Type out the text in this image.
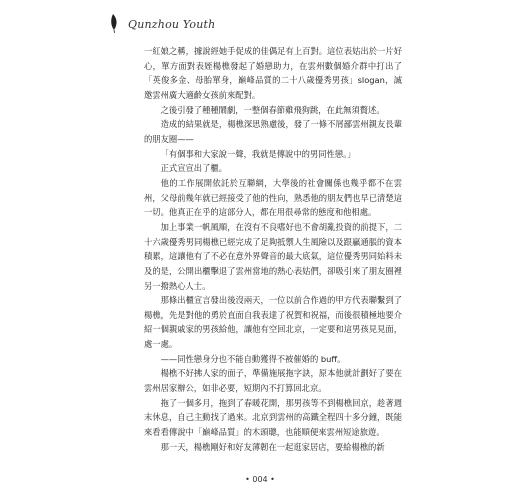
Qunzhou Youth

一紅娘之稱，據說經她手促成的佳偶足有上百對。這位表姑出於一片好心，單方面對表姪楊樵發起了婚戀助力，在雲州數個婚介群中打出了「英俊多金、母胎單身，巔峰品質的二十八歲優秀男孩」slogan，誠邀雲州廣大適齡女孩前來配對。

之後引發了種種鬧劇，一整個春節雞飛狗跳，在此無須贅述。

造成的結果就是，楊樵深思熟慮後，發了一條不屑鄙雲州親友長輩的朋友圈——

「有個事和大家說一聲，我就是傳說中的男同性戀。」

正式宣宣出了櫃。

他的工作展開依託於互聯網，大學後的社會關係也幾乎都不在雲州，父母前幾年就已經接受了他的性向，熟悉他的朋友們也早已清楚這一切。他真正在乎的這部分人，都在用很尋常的態度和他相處。

加上事業一帆風順，在沒有不良嗜好也不會胡亂投資的前提下，二十六歲優秀男同楊樵已經完成了足夠抵禦人生風險以及跟贏通脹的資本積累，這讓他有了不必在意外界聲音的最大底氣，這位優秀男同始料未及的是，公開出櫃擊退了雲州當地的熱心表姑們，卻吸引來了朋友圈裡另一撥熱心人士。

那條出櫃宣言發出後沒兩天，一位以前合作過的甲方代表聯繫到了楊樵，先是對他的勇於直面自我表達了祝賀和祝福，而後很積極地要介紹一個親戚家的男孩給他，讓他有空回北京，一定要和這男孩見見面，處一處。

——同性戀身分也不能自動獲得不被催婚的 buff。

楊樵不好拂人家的面子，準備施展拖字訣，原本他就計劃好了要在雲州居家辦公，如非必要，短期內不打算回北京。

拖了一個多月，拖到了春暖花開，那男孩等不到楊樵回京，趁著週末休息，自己主動找了過來。北京到雲州的高鐵全程四十多分鐘，既能來看看傳說中「巔峰品質」的木頭聰，也能順便來雲州短途旅遊。

那一天，楊樵剛好和好友薄韌在一起逛家居店，要給楊樵的新

• 004 •
